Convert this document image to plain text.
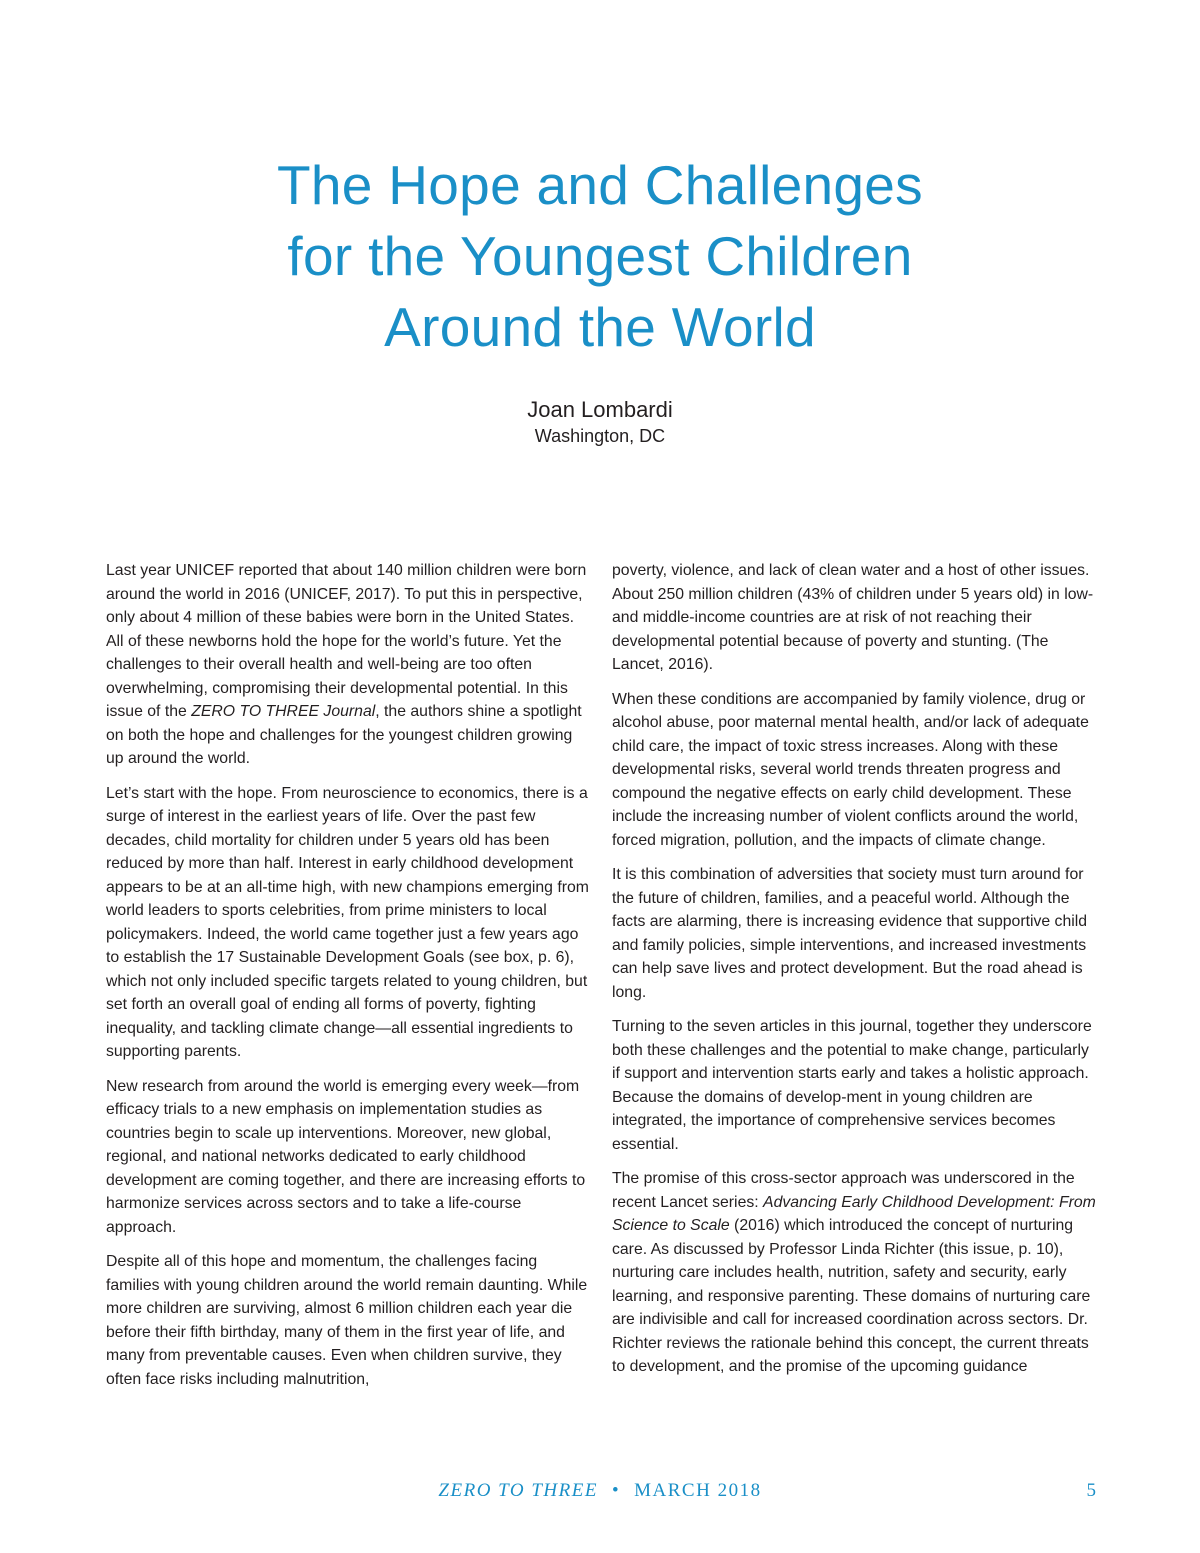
The Hope and Challenges
for the Youngest Children
Around the World
Joan Lombardi
Washington, DC

Last year UNICEF reported that about 140 million children were born around the world in 2016 (UNICEF, 2017). To put this in perspective, only about 4 million of these babies were born in the United States. All of these newborns hold the hope for the world’s future. Yet the challenges to their overall health and well-being are too often overwhelming, compromising their developmental potential. In this issue of the ZERO TO THREE Journal, the authors shine a spotlight on both the hope and challenges for the youngest children growing up around the world.

Let’s start with the hope. From neuroscience to economics, there is a surge of interest in the earliest years of life. Over the past few decades, child mortality for children under 5 years old has been reduced by more than half. Interest in early childhood development appears to be at an all-time high, with new champions emerging from world leaders to sports celebrities, from prime ministers to local policymakers. Indeed, the world came together just a few years ago to establish the 17 Sustainable Development Goals (see box, p. 6), which not only included specific targets related to young children, but set forth an overall goal of ending all forms of poverty, fighting inequality, and tackling climate change—all essential ingredients to supporting parents.

New research from around the world is emerging every week—from efficacy trials to a new emphasis on implementation studies as countries begin to scale up interventions. Moreover, new global, regional, and national networks dedicated to early childhood development are coming together, and there are increasing efforts to harmonize services across sectors and to take a life-course approach.

Despite all of this hope and momentum, the challenges facing families with young children around the world remain daunting. While more children are surviving, almost 6 million children each year die before their fifth birthday, many of them in the first year of life, and many from preventable causes. Even when children survive, they often face risks including malnutrition,

poverty, violence, and lack of clean water and a host of other issues. About 250 million children (43% of children under 5 years old) in low- and middle-income countries are at risk of not reaching their developmental potential because of poverty and stunting. (The Lancet, 2016).

When these conditions are accompanied by family violence, drug or alcohol abuse, poor maternal mental health, and/or lack of adequate child care, the impact of toxic stress increases. Along with these developmental risks, several world trends threaten progress and compound the negative effects on early child development. These include the increasing number of violent conflicts around the world, forced migration, pollution, and the impacts of climate change.

It is this combination of adversities that society must turn around for the future of children, families, and a peaceful world. Although the facts are alarming, there is increasing evidence that supportive child and family policies, simple interventions, and increased investments can help save lives and protect development. But the road ahead is long.

Turning to the seven articles in this journal, together they underscore both these challenges and the potential to make change, particularly if support and intervention starts early and takes a holistic approach. Because the domains of develop-ment in young children are integrated, the importance of comprehensive services becomes essential.

The promise of this cross-sector approach was underscored in the recent Lancet series: Advancing Early Childhood Development: From Science to Scale (2016) which introduced the concept of nurturing care. As discussed by Professor Linda Richter (this issue, p. 10), nurturing care includes health, nutrition, safety and security, early learning, and responsive parenting. These domains of nurturing care are indivisible and call for increased coordination across sectors. Dr. Richter reviews the rationale behind this concept, the current threats to development, and the promise of the upcoming guidance

ZERO TO THREE • MARCH 2018	5
